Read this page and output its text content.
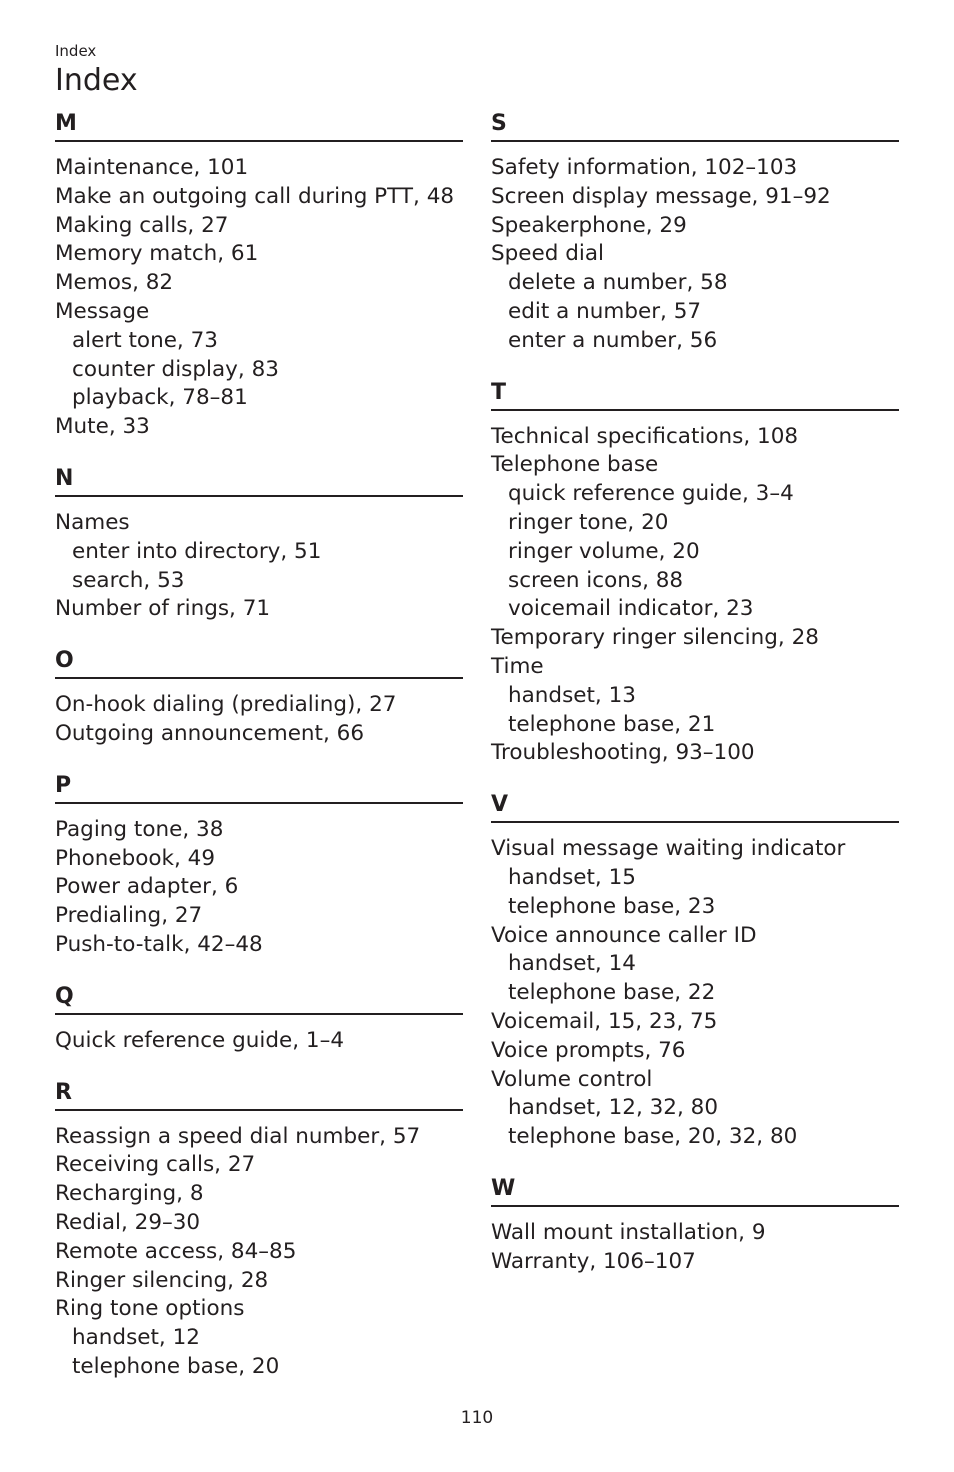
Index
Index
M
Maintenance, 101
Make an outgoing call during PTT, 48
Making calls, 27
Memory match, 61
Memos, 82
Message
alert tone, 73
counter display, 83
playback, 78–81
Mute, 33
N
Names
enter into directory, 51
search, 53
Number of rings, 71
O
On-hook dialing (predialing), 27
Outgoing announcement, 66
P
Paging tone, 38
Phonebook, 49
Power adapter, 6
Predialing, 27
Push-to-talk, 42–48
Q
Quick reference guide, 1–4
R
Reassign a speed dial number, 57
Receiving calls, 27
Recharging, 8
Redial, 29–30
Remote access, 84–85
Ringer silencing, 28
Ring tone options
handset, 12
telephone base, 20
S
Safety information, 102–103
Screen display message, 91–92
Speakerphone, 29
Speed dial
delete a number, 58
edit a number, 57
enter a number, 56
T
Technical specifications, 108
Telephone base
quick reference guide, 3–4
ringer tone, 20
ringer volume, 20
screen icons, 88
voicemail indicator, 23
Temporary ringer silencing, 28
Time
handset, 13
telephone base, 21
Troubleshooting, 93–100
V
Visual message waiting indicator
handset, 15
telephone base, 23
Voice announce caller ID
handset, 14
telephone base, 22
Voicemail, 15, 23, 75
Voice prompts, 76
Volume control
handset, 12, 32, 80
telephone base, 20, 32, 80
W
Wall mount installation, 9
Warranty, 106–107
110
